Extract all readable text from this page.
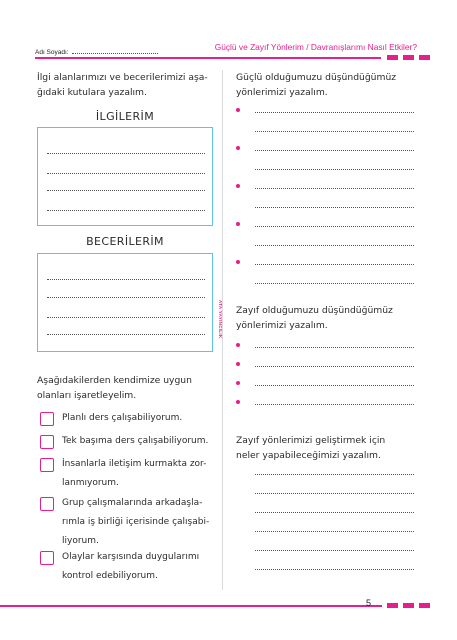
Adı Soyadı:
Güçlü ve Zayıf Yönlerim / Davranışlarımı Nasıl Etkiler?
ATA YAYINCILIK
İlgi alanlarımızı ve becerilerimizi aşa-
ğıdaki kutulara yazalım.
İLGİLERİM
BECERİLERİM
Aşağıdakilerden kendimize uygun
olanları işaretleyelim.
Planlı ders çalışabiliyorum.
Tek başıma ders çalışabiliyorum.
İnsanlarla iletişim kurmakta zor-
lanmıyorum.
Grup çalışmalarında arkadaşla-
rımla iş birliği içerisinde çalışabi-
liyorum.
Olaylar karşısında duygularımı
kontrol edebiliyorum.
Güçlü olduğumuzu düşündüğümüz
yönlerimizi yazalım.
Zayıf olduğumuzu düşündüğümüz
yönlerimizi yazalım.
Zayıf yönlerimizi geliştirmek için
neler yapabileceğimizi yazalım.
5
